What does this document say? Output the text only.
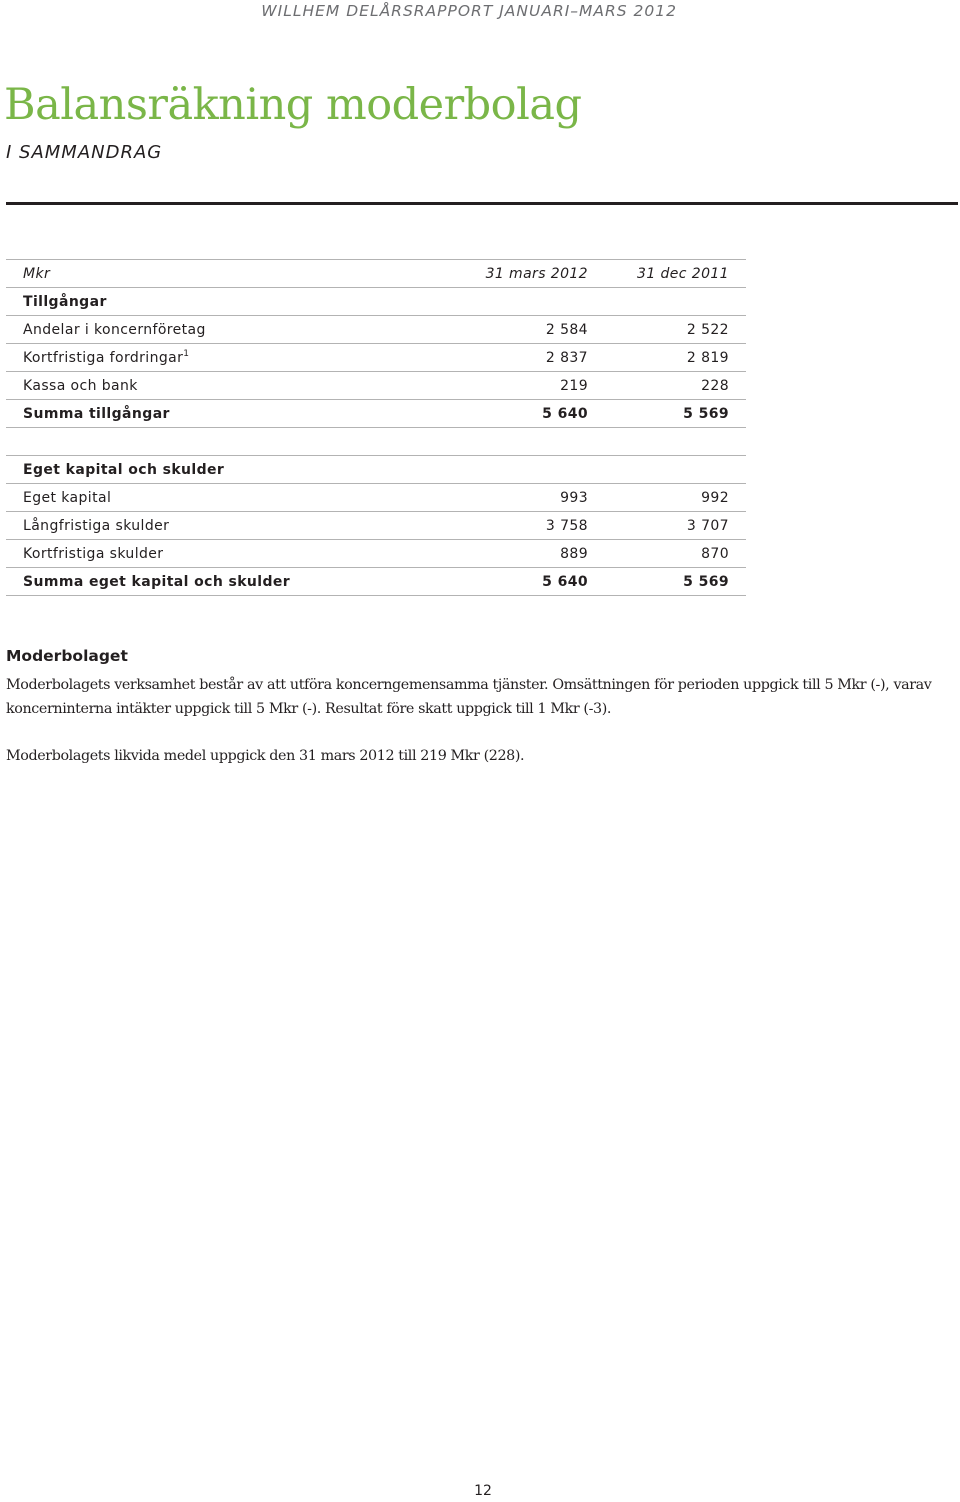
WILLHEM DELÅRSRAPPORT JANUARI–MARS 2012
Balansräkning moderbolag
I SAMMANDRAG
Mkr	31 mars 2012	31 dec 2011
Tillgångar		
Andelar i koncernföretag	2 584	2 522
Kortfristiga fordringar$^1$	2 837	2 819
Kassa och bank	219	228
Summa tillgångar	5 640	5 569

Eget kapital och skulder		
Eget kapital	993	992
Långfristiga skulder	3 758	3 707
Kortfristiga skulder	889	870
Summa eget kapital och skulder	5 640	5 569
Moderbolaget

Moderbolagets verksamhet består av att utföra koncerngemensamma tjänster. Omsättningen för perioden uppgick till 5 Mkr (-), varav koncerninterna intäkter uppgick till 5 Mkr (-). Resultat före skatt uppgick till 1 Mkr (-3).

Moderbolagets likvida medel uppgick den 31 mars 2012 till 219 Mkr (228).

12
